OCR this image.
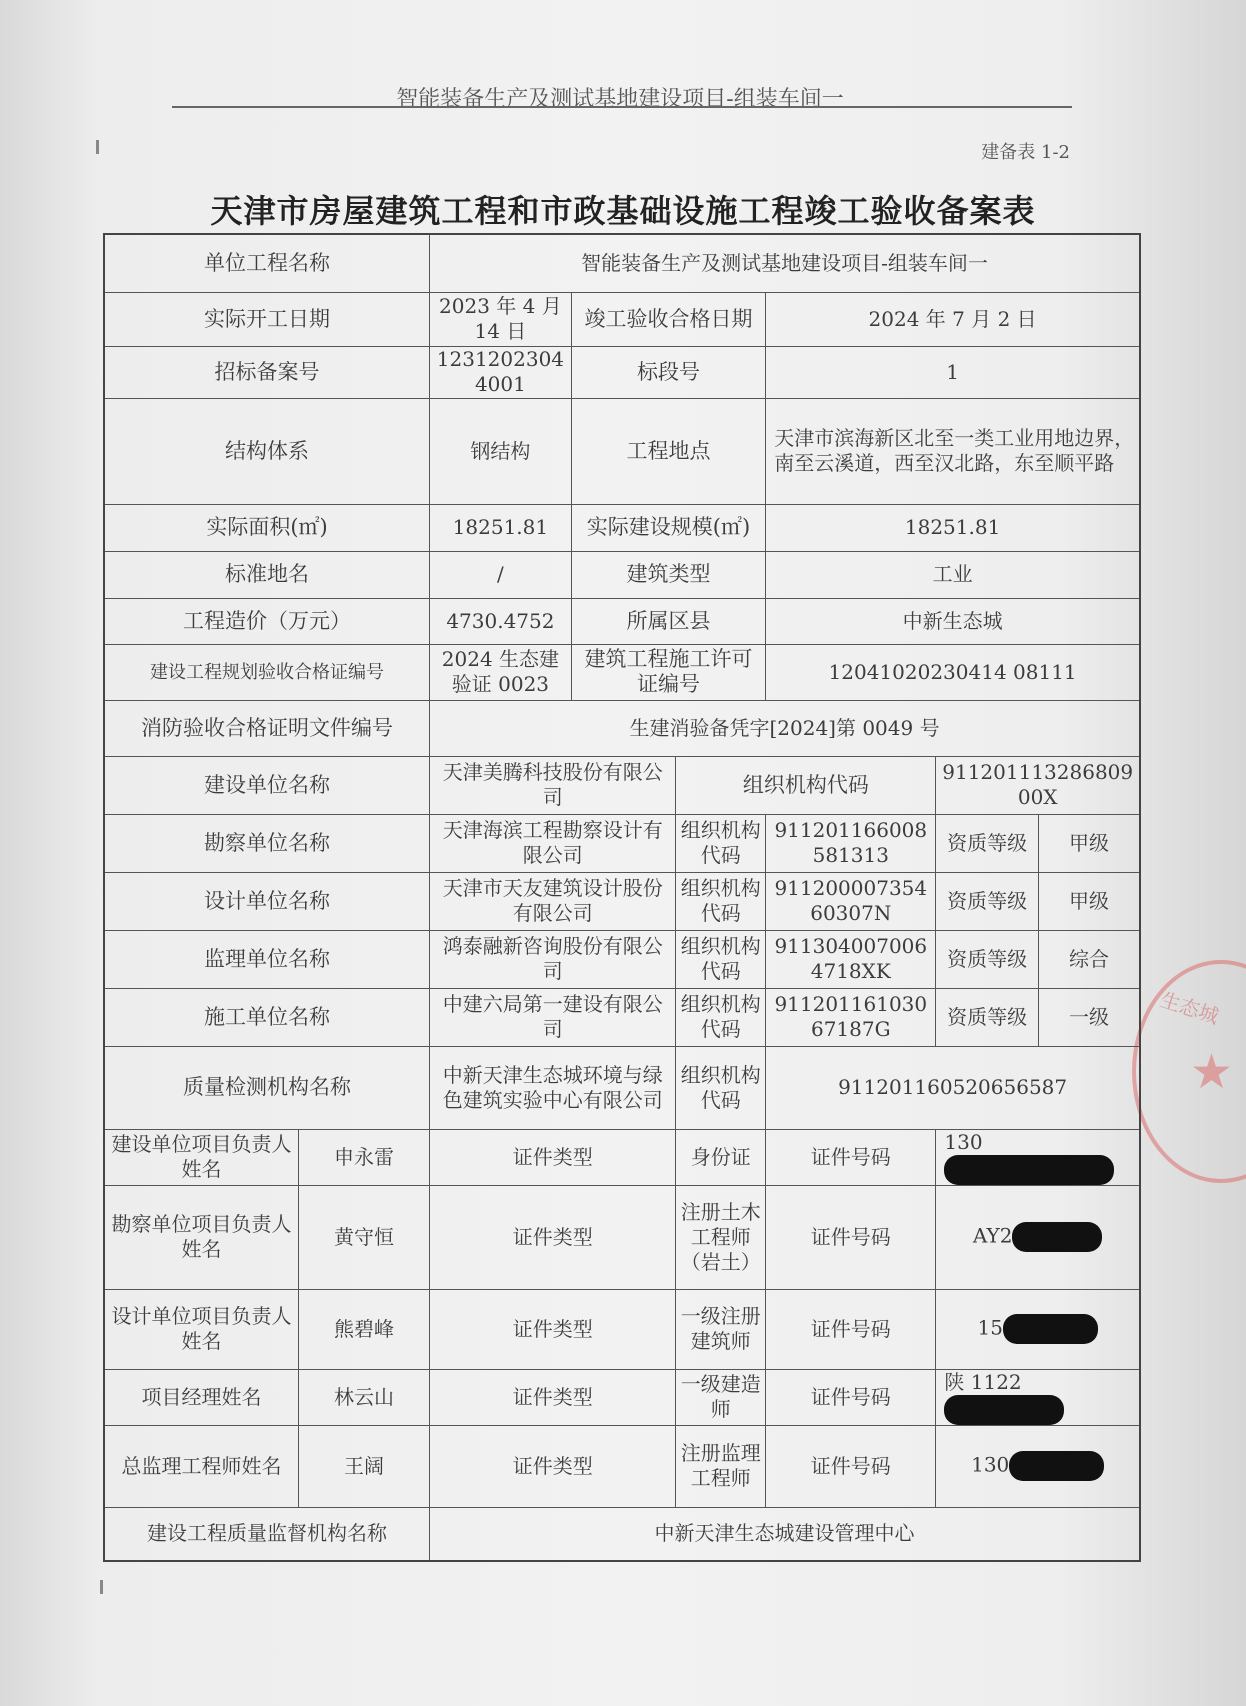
智能装备生产及测试基地建设项目-组装车间一
建备表 1-2
天津市房屋建筑工程和市政基础设施工程竣工验收备案表
生态城
★
单位工程名称		智能装备生产及测试基地建设项目-组装车间一					
实际开工日期		2023 年 4 月 14 日	竣工验收合格日期		2024 年 7 月 2 日		
招标备案号		12312023044001	标段号		1		
结构体系		钢结构	工程地点		天津市滨海新区北至一类工业用地边界，南至云溪道，西至汉北路，东至顺平路		
实际面积(㎡)		18251.81	实际建设规模(㎡)		18251.81		
标准地名		/	建筑类型		工业		
工程造价（万元）		4730.4752	所属区县		中新生态城		
建设工程规划验收合格证编号		2024 生态建验证 0023	建筑工程施工许可证编号		12041020230414 08111		
消防验收合格证明文件编号		生建消验备凭字[2024]第 0049 号					
建设单位名称		天津美腾科技股份有限公司		组织机构代码		91120111328680900X	
勘察单位名称		天津海滨工程勘察设计有限公司		组织机构代码	911201166008581313	资质等级	甲级
设计单位名称		天津市天友建筑设计股份有限公司		组织机构代码	91120000735460307N	资质等级	甲级
监理单位名称		鸿泰融新咨询股份有限公司		组织机构代码	9113040070064718XK	资质等级	综合
施工单位名称		中建六局第一建设有限公司		组织机构代码	91120116103067187G	资质等级	一级
质量检测机构名称		中新天津生态城环境与绿色建筑实验中心有限公司		组织机构代码	911201160520656587		
建设单位项目负责人姓名	申永雷	证件类型		身份证	证件号码	130	
勘察单位项目负责人姓名	黄守恒	证件类型		注册土木工程师（岩土）	证件号码	AY2	
设计单位项目负责人姓名	熊碧峰	证件类型		一级注册建筑师	证件号码	15	
项目经理姓名	林云山	证件类型		一级建造师	证件号码	陕 1122	
总监理工程师姓名	王阔	证件类型		注册监理工程师	证件号码	130	
建设工程质量监督机构名称		中新天津生态城建设管理中心					
